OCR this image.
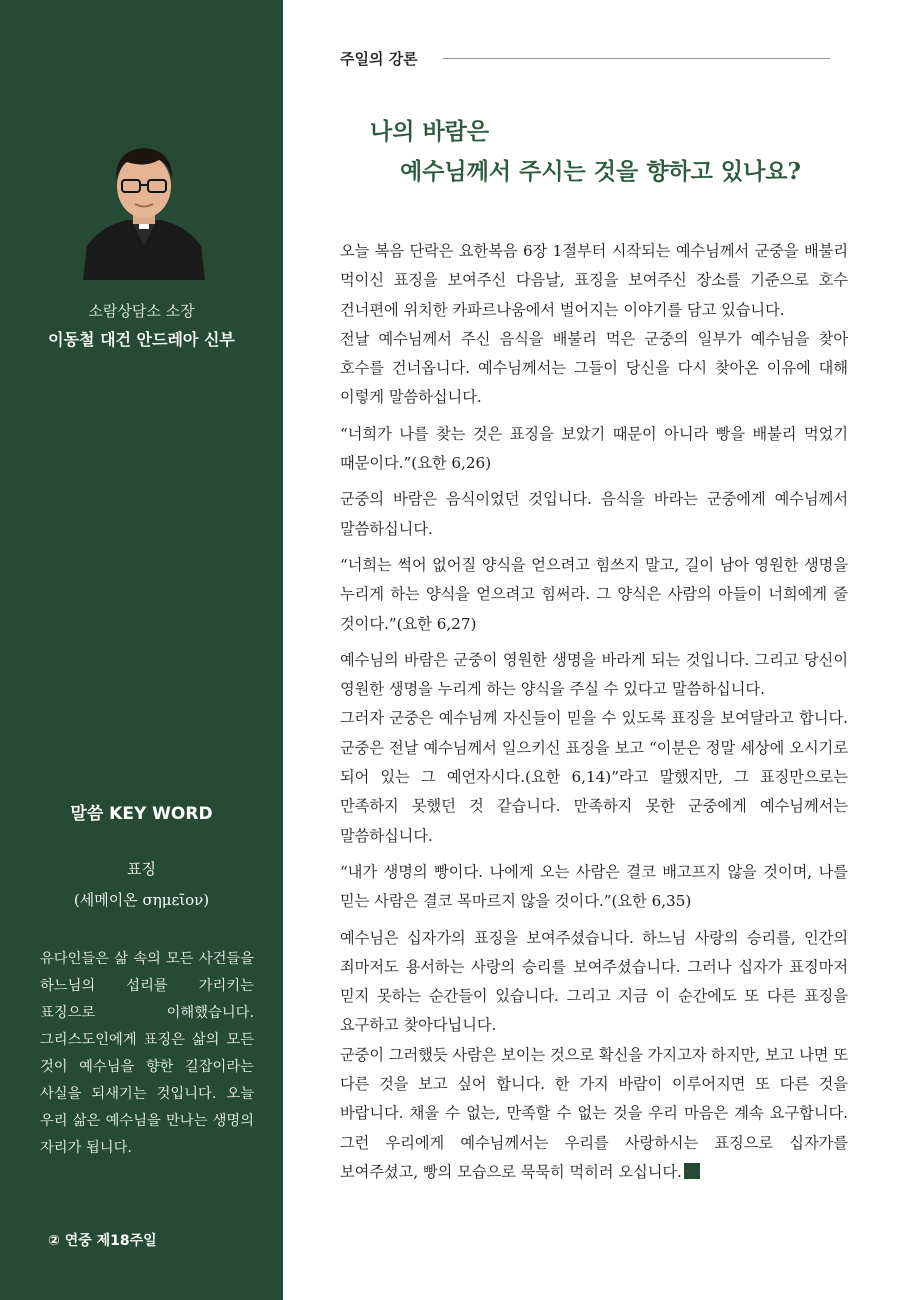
소람상담소 소장
이동철 대건 안드레아 신부
말씀 KEY WORD
표징
(세메이온 σημεῖον)
유다인들은 삶 속의 모든 사건들을 하느님의 섭리를 가리키는 표징으로 이해했습니다. 그리스도인에게 표징은 삶의 모든 것이 예수님을 향한 길잡이라는 사실을 되새기는 것입니다. 오늘 우리 삶은 예수님을 만나는 생명의 자리가 됩니다.
② 연중 제18주일
주일의 강론
나의 바람은
예수님께서 주시는 것을 향하고 있나요?

오늘 복음 단락은 요한복음 6장 1절부터 시작되는 예수님께서 군중을 배불리 먹이신 표징을 보여주신 다음날, 표징을 보여주신 장소를 기준으로 호수 건너편에 위치한 카파르나움에서 벌어지는 이야기를 담고 있습니다.

전날 예수님께서 주신 음식을 배불리 먹은 군중의 일부가 예수님을 찾아 호수를 건너옵니다. 예수님께서는 그들이 당신을 다시 찾아온 이유에 대해 이렇게 말씀하십니다.

“너희가 나를 찾는 것은 표징을 보았기 때문이 아니라 빵을 배불리 먹었기 때문이다.”(요한 6,26)

군중의 바람은 음식이었던 것입니다. 음식을 바라는 군중에게 예수님께서 말씀하십니다.

“너희는 썩어 없어질 양식을 얻으려고 힘쓰지 말고, 길이 남아 영원한 생명을 누리게 하는 양식을 얻으려고 힘써라. 그 양식은 사람의 아들이 너희에게 줄 것이다.”(요한 6,27)

예수님의 바람은 군중이 영원한 생명을 바라게 되는 것입니다. 그리고 당신이 영원한 생명을 누리게 하는 양식을 주실 수 있다고 말씀하십니다.

그러자 군중은 예수님께 자신들이 믿을 수 있도록 표징을 보여달라고 합니다. 군중은 전날 예수님께서 일으키신 표징을 보고 “이분은 정말 세상에 오시기로 되어 있는 그 예언자시다.(요한 6,14)”라고 말했지만, 그 표징만으로는 만족하지 못했던 것 같습니다. 만족하지 못한 군중에게 예수님께서는 말씀하십니다.

“내가 생명의 빵이다. 나에게 오는 사람은 결코 배고프지 않을 것이며, 나를 믿는 사람은 결코 목마르지 않을 것이다.”(요한 6,35)

예수님은 십자가의 표징을 보여주셨습니다. 하느님 사랑의 승리를, 인간의 죄마저도 용서하는 사랑의 승리를 보여주셨습니다. 그러나 십자가 표징마저 믿지 못하는 순간들이 있습니다. 그리고 지금 이 순간에도 또 다른 표징을 요구하고 찾아다닙니다.

군중이 그러했듯 사람은 보이는 것으로 확신을 가지고자 하지만, 보고 나면 또 다른 것을 보고 싶어 합니다. 한 가지 바람이 이루어지면 또 다른 것을 바랍니다. 채울 수 없는, 만족할 수 없는 것을 우리 마음은 계속 요구합니다. 그런 우리에게 예수님께서는 우리를 사랑하시는 표징으로 십자가를 보여주셨고, 빵의 모습으로 묵묵히 먹히러 오십니다.
